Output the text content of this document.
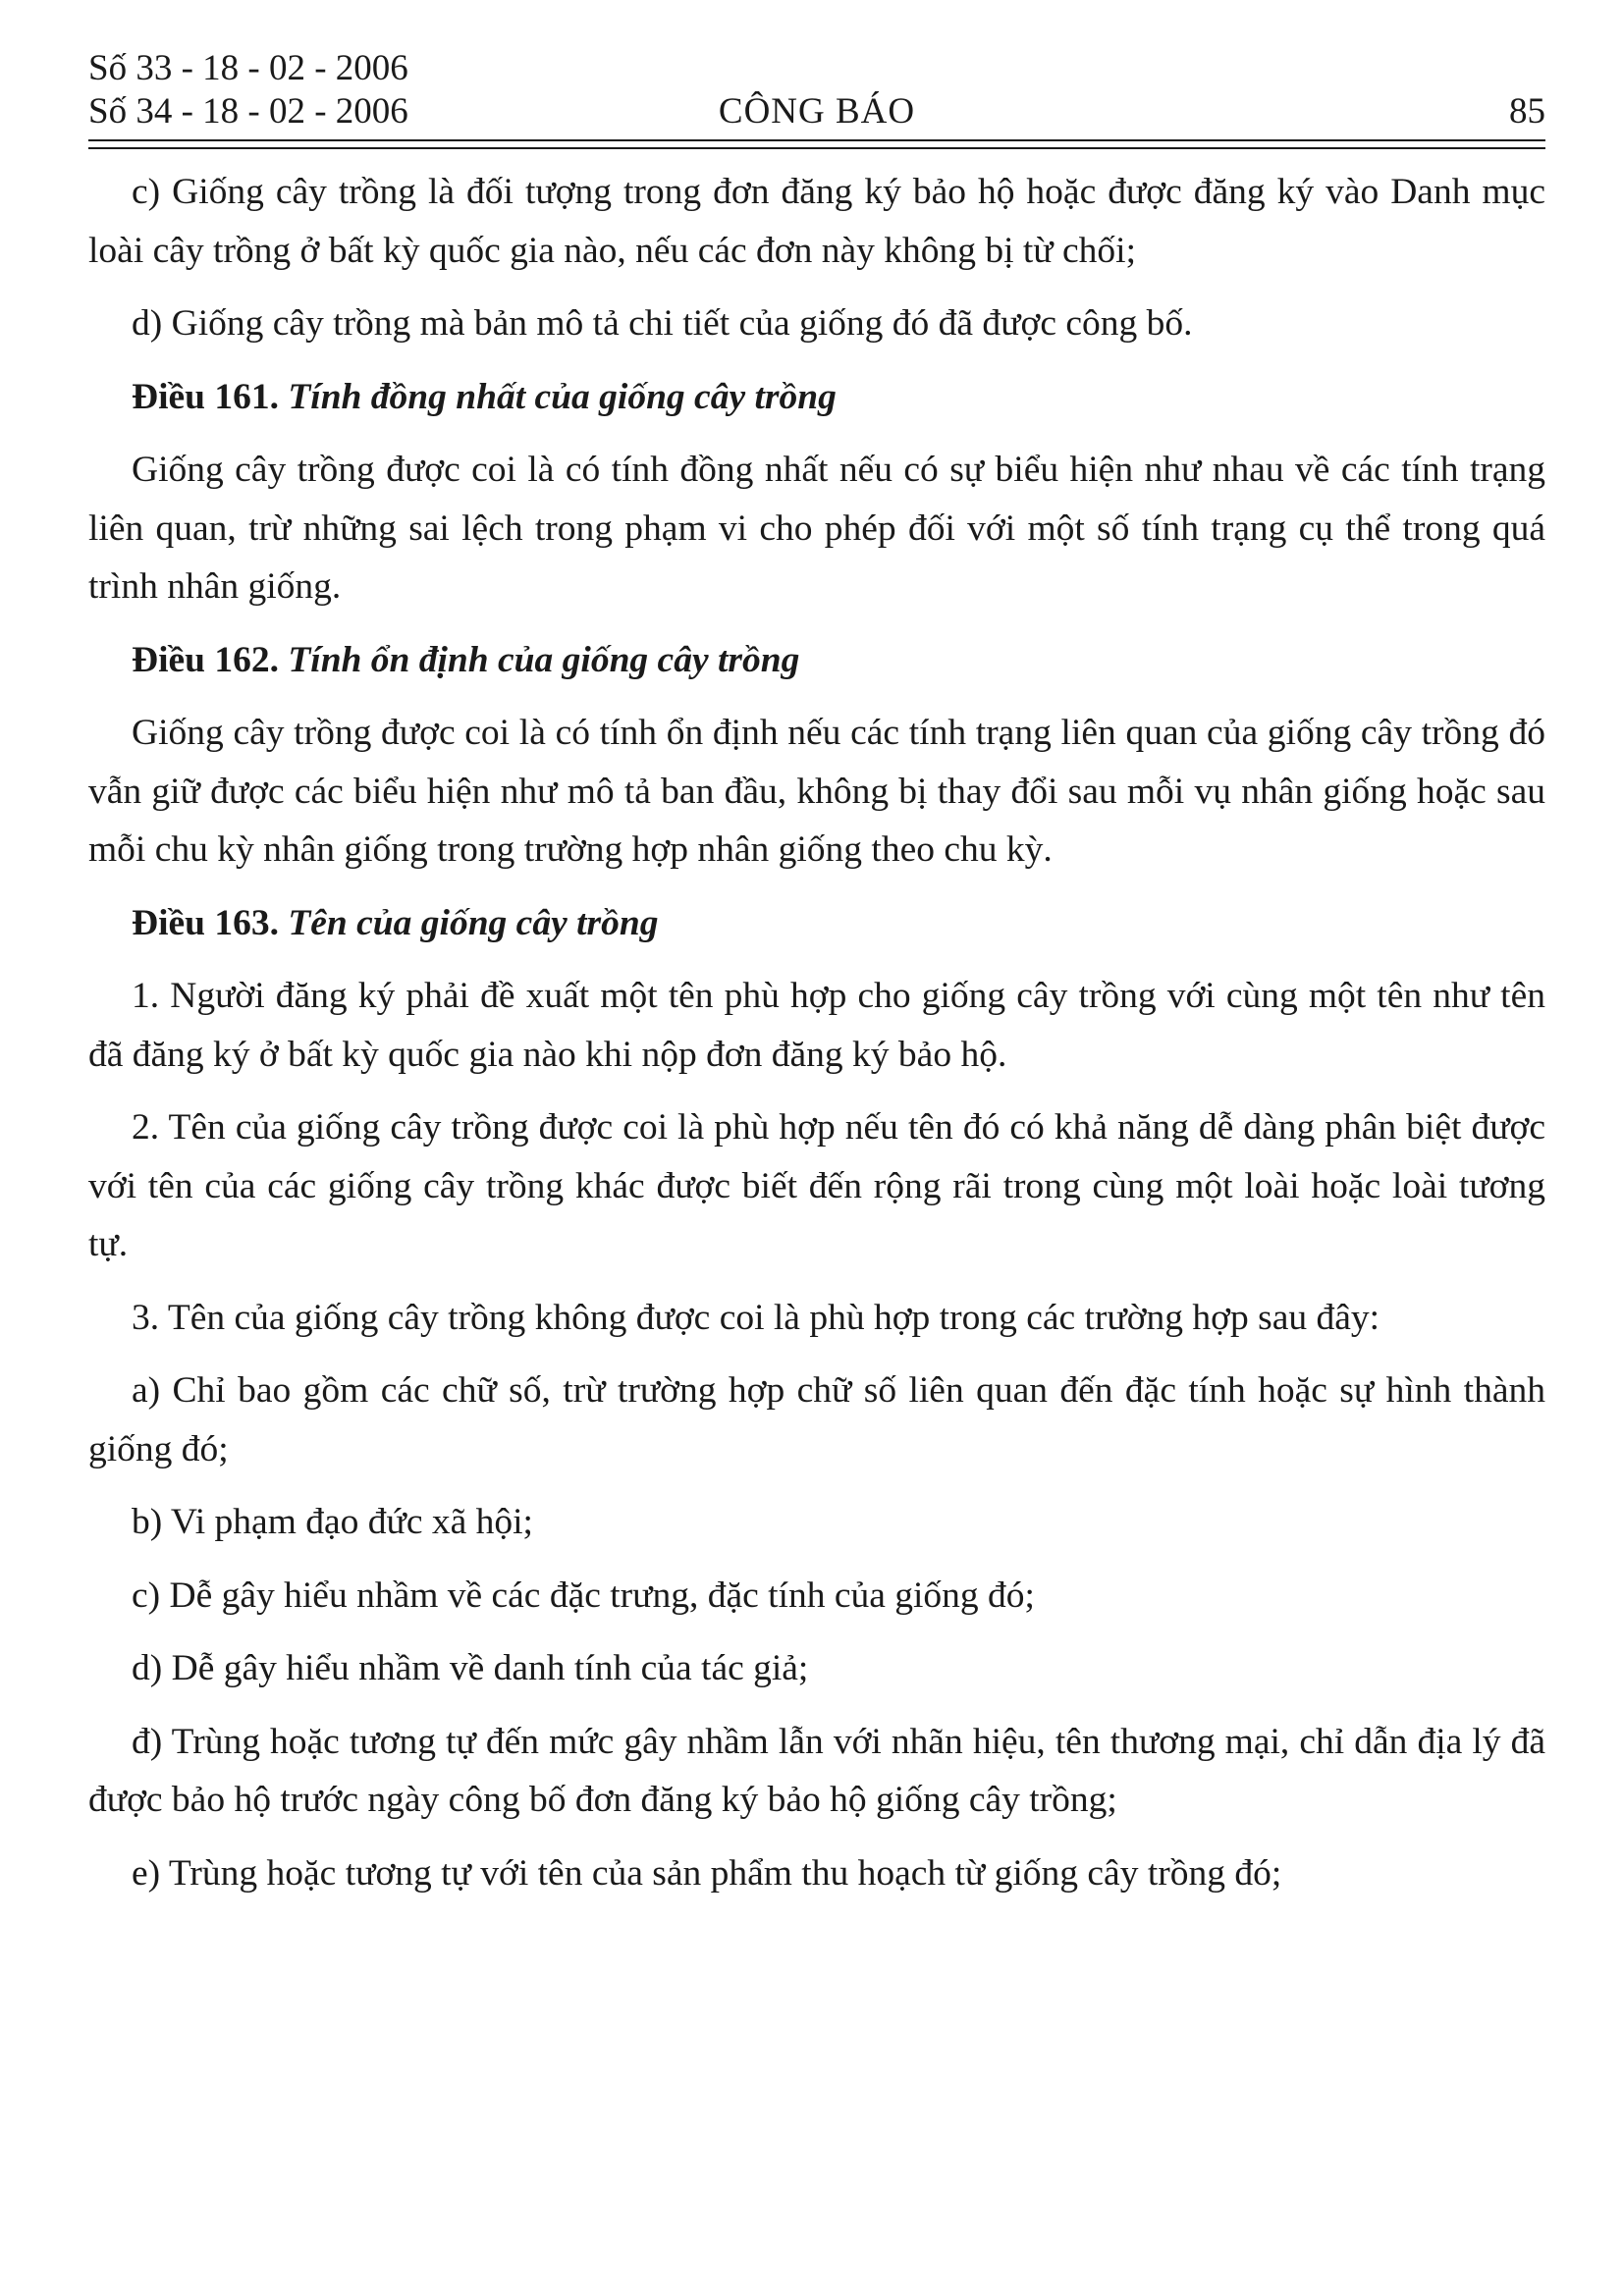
Số 33 - 18 - 02 - 2006
Số 34 - 18 - 02 - 2006	CÔNG BÁO	85

c) Giống cây trồng là đối tượng trong đơn đăng ký bảo hộ hoặc được đăng ký vào Danh mục loài cây trồng ở bất kỳ quốc gia nào, nếu các đơn này không bị từ chối;

d) Giống cây trồng mà bản mô tả chi tiết của giống đó đã được công bố.

Điều 161. Tính đồng nhất của giống cây trồng

Giống cây trồng được coi là có tính đồng nhất nếu có sự biểu hiện như nhau về các tính trạng liên quan, trừ những sai lệch trong phạm vi cho phép đối với một số tính trạng cụ thể trong quá trình nhân giống.

Điều 162. Tính ổn định của giống cây trồng

Giống cây trồng được coi là có tính ổn định nếu các tính trạng liên quan của giống cây trồng đó vẫn giữ được các biểu hiện như mô tả ban đầu, không bị thay đổi sau mỗi vụ nhân giống hoặc sau mỗi chu kỳ nhân giống trong trường hợp nhân giống theo chu kỳ.

Điều 163. Tên của giống cây trồng

1. Người đăng ký phải đề xuất một tên phù hợp cho giống cây trồng với cùng một tên như tên đã đăng ký ở bất kỳ quốc gia nào khi nộp đơn đăng ký bảo hộ.

2. Tên của giống cây trồng được coi là phù hợp nếu tên đó có khả năng dễ dàng phân biệt được với tên của các giống cây trồng khác được biết đến rộng rãi trong cùng một loài hoặc loài tương tự.

3. Tên của giống cây trồng không được coi là phù hợp trong các trường hợp sau đây:

a) Chỉ bao gồm các chữ số, trừ trường hợp chữ số liên quan đến đặc tính hoặc sự hình thành giống đó;

b) Vi phạm đạo đức xã hội;

c) Dễ gây hiểu nhầm về các đặc trưng, đặc tính của giống đó;

d) Dễ gây hiểu nhầm về danh tính của tác giả;

đ) Trùng hoặc tương tự đến mức gây nhầm lẫn với nhãn hiệu, tên thương mại, chỉ dẫn địa lý đã được bảo hộ trước ngày công bố đơn đăng ký bảo hộ giống cây trồng;

e) Trùng hoặc tương tự với tên của sản phẩm thu hoạch từ giống cây trồng đó;
